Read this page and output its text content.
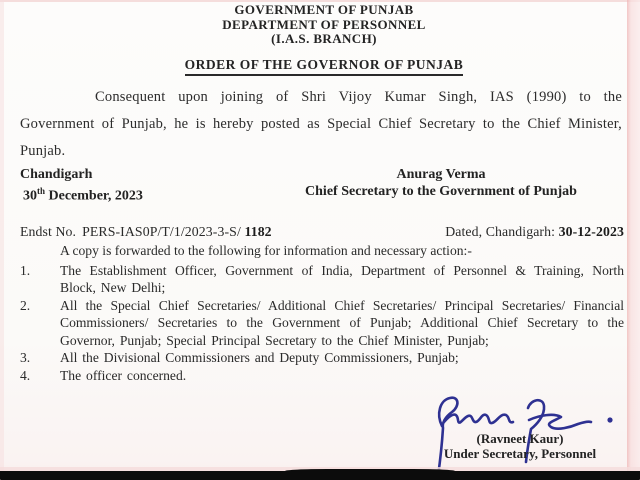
GOVERNMENT OF PUNJAB
DEPARTMENT OF PERSONNEL
(I.A.S. BRANCH)
ORDER OF THE GOVERNOR OF PUNJAB
Consequent upon joining of Shri Vijoy Kumar Singh, IAS (1990) to the Government of Punjab, he is hereby posted as Special Chief Secretary to the Chief Minister, Punjab.
Chandigarh
30th December, 2023
Anurag Verma
Chief Secretary to the Government of Punjab
Endst No. PERS-IAS0P/T/1/2023-3-S/ 1182	Dated, Chandigarh: 30-12-2023
A copy is forwarded to the following for information and necessary action:-
1.	The Establishment Officer, Government of India, Department of Personnel & Training, North Block, New Delhi;
2.	All the Special Chief Secretaries/ Additional Chief Secretaries/ Principal Secretaries/ Financial Commissioners/ Secretaries to the Government of Punjab; Additional Chief Secretary to the Governor, Punjab; Special Principal Secretary to the Chief Minister, Punjab;
3.	All the Divisional Commissioners and Deputy Commissioners, Punjab;
4.	The officer concerned.
(Ravneet Kaur)
Under Secretary, Personnel
